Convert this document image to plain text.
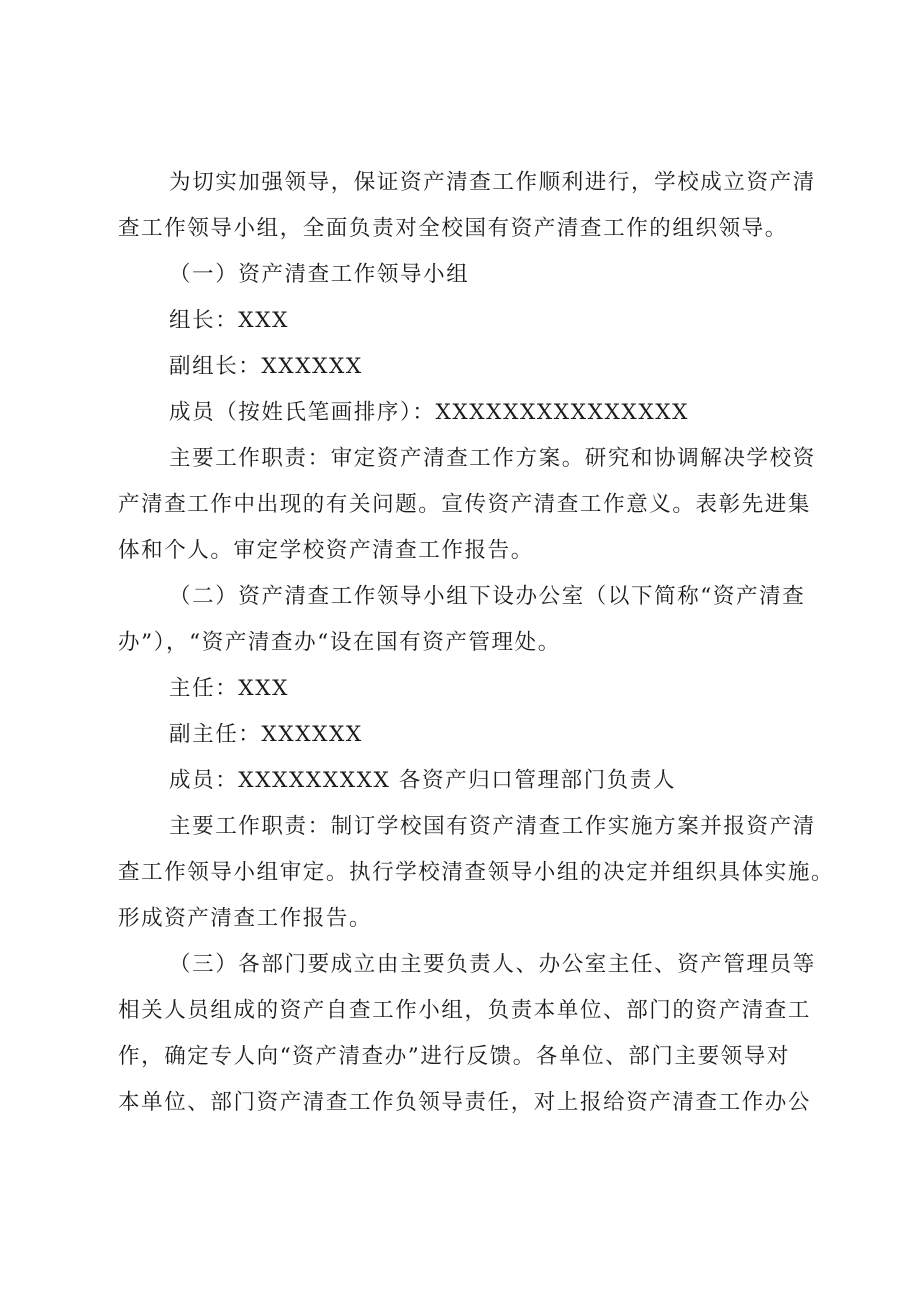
为切实加强领导，保证资产清查工作顺利进行，学校成立资产清
查工作领导小组，全面负责对全校国有资产清查工作的组织领导。
（一）资产清查工作领导小组
组长：XXX
副组长：XXXXXX
成员（按姓氏笔画排序）：XXXXXXXXXXXXXXX
主要工作职责：审定资产清查工作方案。研究和协调解决学校资
产清查工作中出现的有关问题。宣传资产清查工作意义。表彰先进集
体和个人。审定学校资产清查工作报告。
（二）资产清查工作领导小组下设办公室（以下简称“资产清查
办”），“资产清查办“设在国有资产管理处。
主任：XXX
副主任：XXXXXX
成员：XXXXXXXXX 各资产归口管理部门负责人
主要工作职责：制订学校国有资产清查工作实施方案并报资产清
查工作领导小组审定。执行学校清查领导小组的决定并组织具体实施。
形成资产清查工作报告。
（三）各部门要成立由主要负责人、办公室主任、资产管理员等
相关人员组成的资产自查工作小组，负责本单位、部门的资产清查工
作，确定专人向“资产清查办”进行反馈。各单位、部门主要领导对
本单位、部门资产清查工作负领导责任，对上报给资产清查工作办公
